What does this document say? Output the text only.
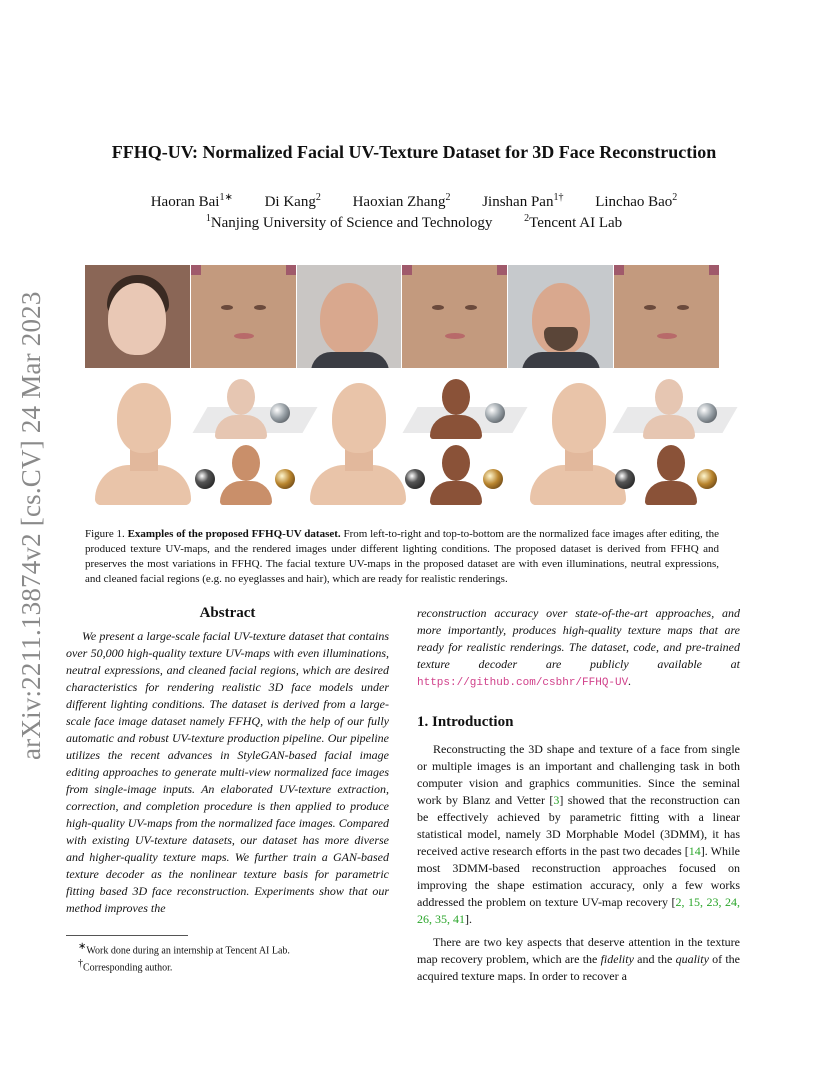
arXiv:2211.13874v2 [cs.CV] 24 Mar 2023
FFHQ-UV: Normalized Facial UV-Texture Dataset for 3D Face Reconstruction
Haoran Bai$^{1∗}$ Di Kang$^2$ Haoxian Zhang$^2$ Jinshan Pan$^{1\dagger}$ Linchao Bao$^2$
$^1$Nanjing University of Science and Technology	$^2$Tencent AI Lab
Figure 1. Examples of the proposed FFHQ-UV dataset. From left-to-right and top-to-bottom are the normalized face images after editing, the produced texture UV-maps, and the rendered images under different lighting conditions. The proposed dataset is derived from FFHQ and preserves the most variations in FFHQ. The facial texture UV-maps in the proposed dataset are with even illuminations, neutral expressions, and cleaned facial regions (e.g. no eyeglasses and hair), which are ready for realistic renderings.
Abstract

We present a large-scale facial UV-texture dataset that contains over 50,000 high-quality texture UV-maps with even illuminations, neutral expressions, and cleaned facial regions, which are desired characteristics for rendering realistic 3D face models under different lighting conditions. The dataset is derived from a large-scale face image dataset namely FFHQ, with the help of our fully automatic and robust UV-texture production pipeline. Our pipeline utilizes the recent advances in StyleGAN-based facial image editing approaches to generate multi-view normalized face images from single-image inputs. An elaborated UV-texture extraction, correction, and completion procedure is then applied to produce high-quality UV-maps from the normalized face images. Compared with existing UV-texture datasets, our dataset has more diverse and higher-quality texture maps. We further train a GAN-based texture decoder as the nonlinear texture basis for parametric fitting based 3D face reconstruction. Experiments show that our method improves the

∗Work done during an internship at Tencent AI Lab.

†Corresponding author.

reconstruction accuracy over state-of-the-art approaches, and more importantly, produces high-quality texture maps that are ready for realistic renderings. The dataset, code, and pre-trained texture decoder are publicly available at https://github.com/csbhr/FFHQ-UV.

1. Introduction

Reconstructing the 3D shape and texture of a face from single or multiple images is an important and challenging task in both computer vision and graphics communities. Since the seminal work by Blanz and Vetter [3] showed that the reconstruction can be effectively achieved by parametric fitting with a linear statistical model, namely 3D Morphable Model (3DMM), it has received active research efforts in the past two decades [14]. While most 3DMM-based reconstruction approaches focused on improving the shape estimation accuracy, only a few works addressed the problem on texture UV-map recovery [2, 15, 23, 24, 26, 35, 41].

There are two key aspects that deserve attention in the texture map recovery problem, which are the fidelity and the quality of the acquired texture maps. In order to recover a
